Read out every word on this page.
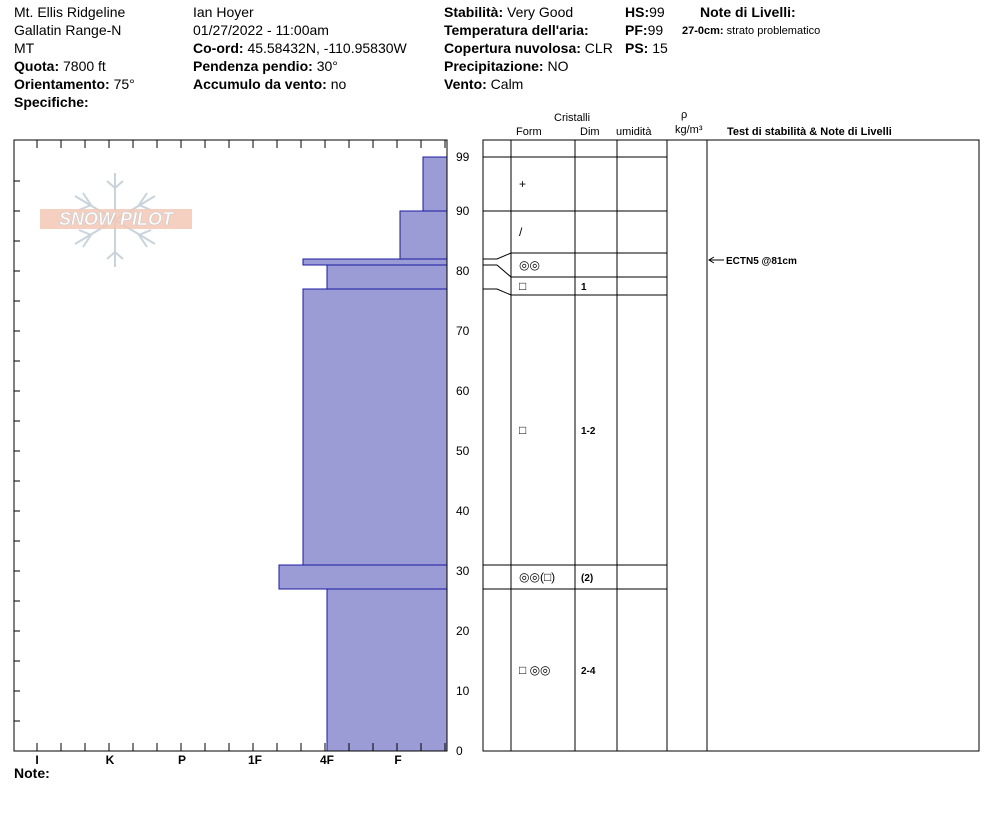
Mt. Ellis Ridgeline
Gallatin Range-N
MT
Quota: 7800 ft
Orientamento: 75°
Specifiche:
Ian Hoyer
01/27/2022 - 11:00am
Co-ord: 45.58432N, -110.95830W
Pendenza pendio: 30°
Accumulo da vento: no
Stabilità: Very Good
Temperatura dell'aria:
Copertura nuvolosa: CLR
Precipitazione: NO
Vento: Calm
HS:99
PF:99
PS: 15
Note di Livelli:
27-0cm: strato problematico
Cristalli
Form	Dim umidità
ρ
kg/m³ Test di stabilità & Note di Livelli
Note:
SNOW PILOT
I	K	P	1F	4F	F
0
10
20
30
40
50
60
70
80
90
99
+
/
◎◎
□	1
□	1-2
◎◎(□)	(2)
□ ◎◎	2-4
ECTN5 @81cm
